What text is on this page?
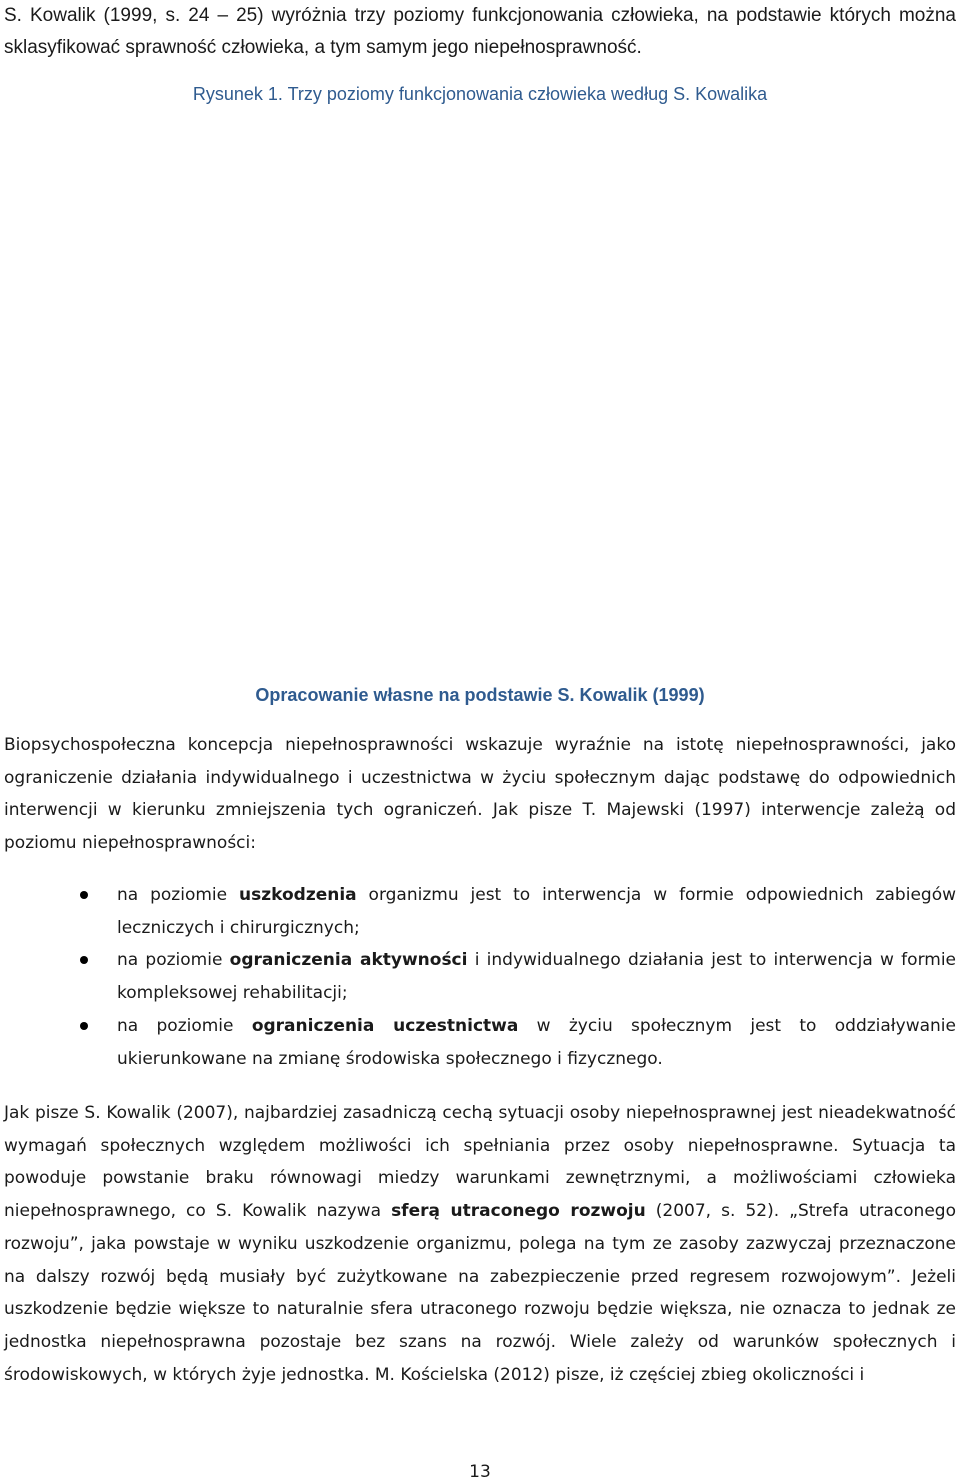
S. Kowalik (1999, s. 24 – 25) wyróżnia trzy poziomy funkcjonowania człowieka, na podstawie których można sklasyfikować sprawność człowieka, a tym samym jego niepełnosprawność.

Rysunek 1. Trzy poziomy funkcjonowania człowieka według S. Kowalika

Opracowanie własne na podstawie S. Kowalik (1999)

Biopsychospołeczna koncepcja niepełnosprawności wskazuje wyraźnie na istotę niepełnosprawności, jako ograniczenie działania indywidualnego i uczestnictwa w życiu społecznym dając podstawę do odpowiednich interwencji w kierunku zmniejszenia tych ograniczeń. Jak pisze T. Majewski (1997) interwencje zależą od poziomu niepełnosprawności:

na poziomie uszkodzenia organizmu jest to interwencja w formie odpowiednich zabiegów leczniczych i chirurgicznych;
na poziomie ograniczenia aktywności i indywidualnego działania jest to interwencja w formie kompleksowej rehabilitacji;
na poziomie ograniczenia uczestnictwa w życiu społecznym jest to oddziaływanie ukierunkowane na zmianę środowiska społecznego i fizycznego.

Jak pisze S. Kowalik (2007), najbardziej zasadniczą cechą sytuacji osoby niepełnosprawnej jest nieadekwatność wymagań społecznych względem możliwości ich spełniania przez osoby niepełnosprawne. Sytuacja ta powoduje powstanie braku równowagi miedzy warunkami zewnętrznymi, a możliwościami człowieka niepełnosprawnego, co S. Kowalik nazywa sferą utraconego rozwoju (2007, s. 52). „Strefa utraconego rozwoju”, jaka powstaje w wyniku uszkodzenie organizmu, polega na tym ze zasoby zazwyczaj przeznaczone na dalszy rozwój będą musiały być zużytkowane na zabezpieczenie przed regresem rozwojowym”. Jeżeli uszkodzenie będzie większe to naturalnie sfera utraconego rozwoju będzie większa, nie oznacza to jednak ze jednostka niepełnosprawna pozostaje bez szans na rozwój. Wiele zależy od warunków społecznych i środowiskowych, w których żyje jednostka. M. Kościelska (2012) pisze, iż częściej zbieg okoliczności i

13
